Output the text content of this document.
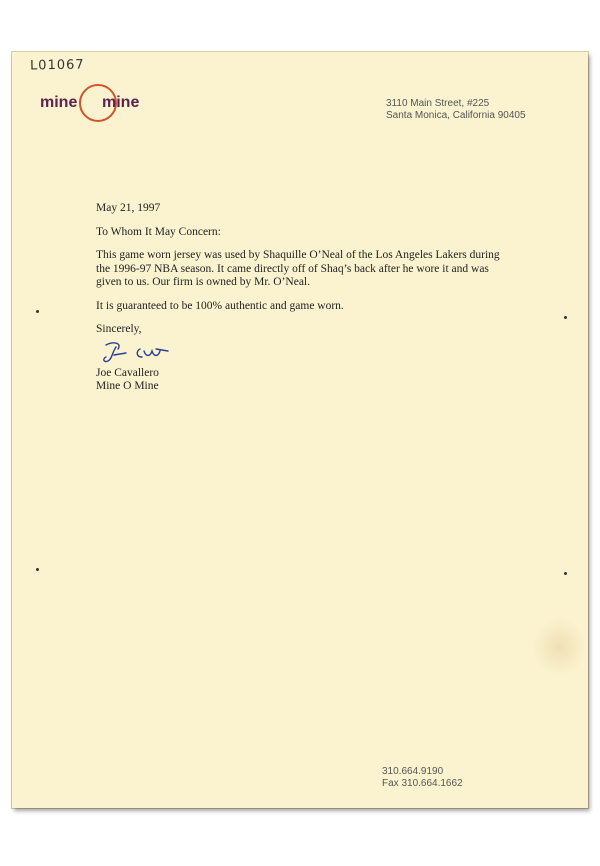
L01067
mine mine	3110 Main Street, #225
Santa Monica, California 90405

May 21, 1997

To Whom It May Concern:

This game worn jersey was used by Shaquille O’Neal of the Los Angeles Lakers during the 1996-97 NBA season. It came directly off of Shaq’s back after he wore it and was given to us. Our firm is owned by Mr. O’Neal.

It is guaranteed to be 100% authentic and game worn.

Sincerely,

Joe Cavallero
Mine O Mine
310.664.9190
Fax 310.664.1662
